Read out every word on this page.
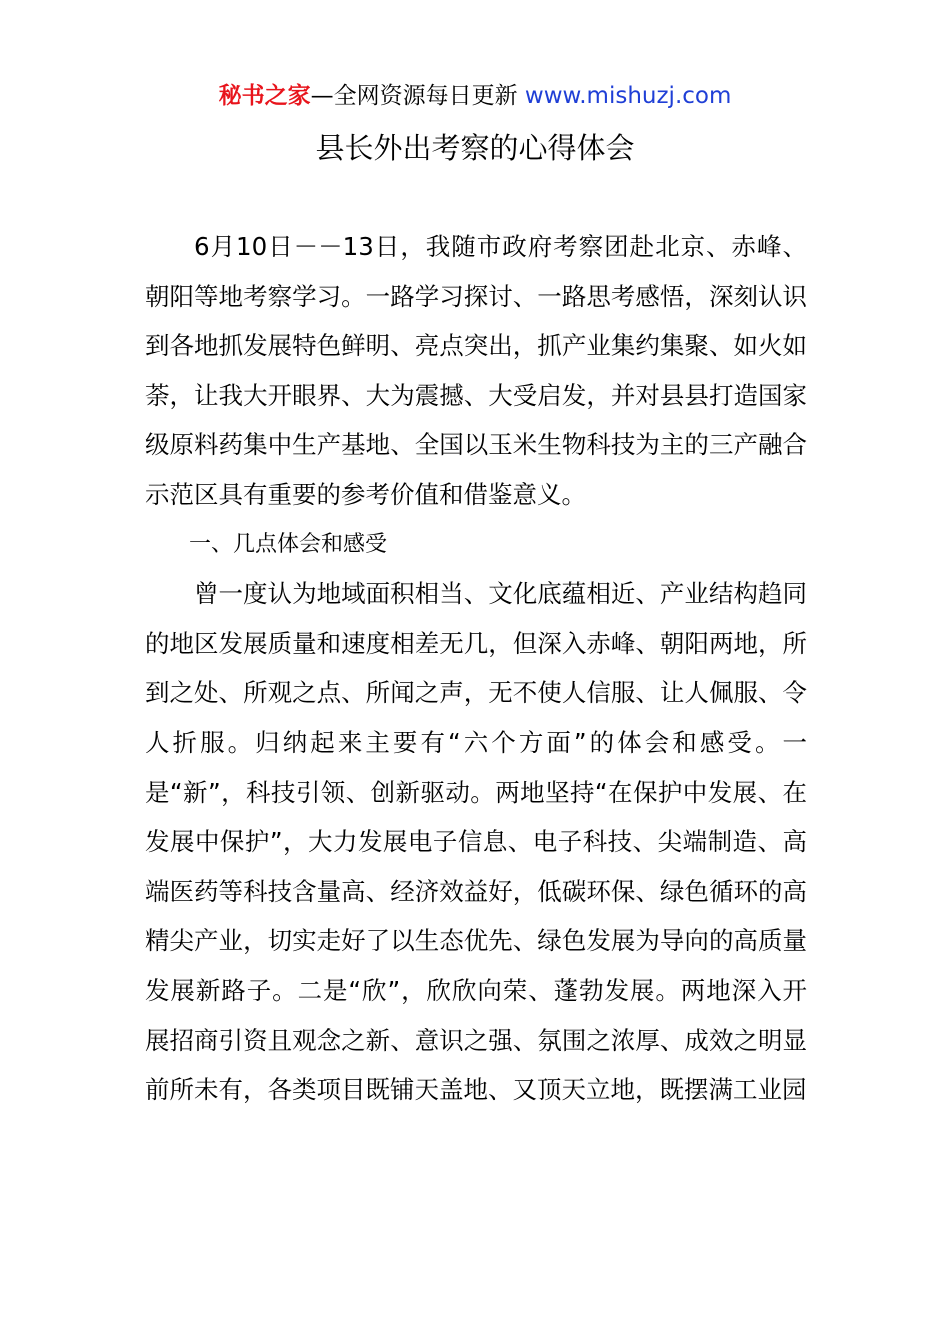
秘书之家—全网资源每日更新 www.mishuzj.com
县长外出考察的心得体会

6月10日－－13日，我随市政府考察团赴北京、赤峰、朝阳等地考察学习。一路学习探讨、一路思考感悟，深刻认识到各地抓发展特色鲜明、亮点突出，抓产业集约集聚、如火如荼，让我大开眼界、大为震撼、大受启发，并对县县打造国家级原料药集中生产基地、全国以玉米生物科技为主的三产融合示范区具有重要的参考价值和借鉴意义。

一、几点体会和感受

曾一度认为地域面积相当、文化底蕴相近、产业结构趋同的地区发展质量和速度相差无几，但深入赤峰、朝阳两地，所到之处、所观之点、所闻之声，无不使人信服、让人佩服、令人折服。归纳起来主要有“六个方面”的体会和感受。一是“新”，科技引领、创新驱动。两地坚持“在保护中发展、在发展中保护”，大力发展电子信息、电子科技、尖端制造、高端医药等科技含量高、经济效益好，低碳环保、绿色循环的高精尖产业，切实走好了以生态优先、绿色发展为导向的高质量发展新路子。二是“欣”，欣欣向荣、蓬勃发展。两地深入开展招商引资且观念之新、意识之强、氛围之浓厚、成效之明显前所未有，各类项目既铺天盖地、又顶天立地，既摆满工业园
